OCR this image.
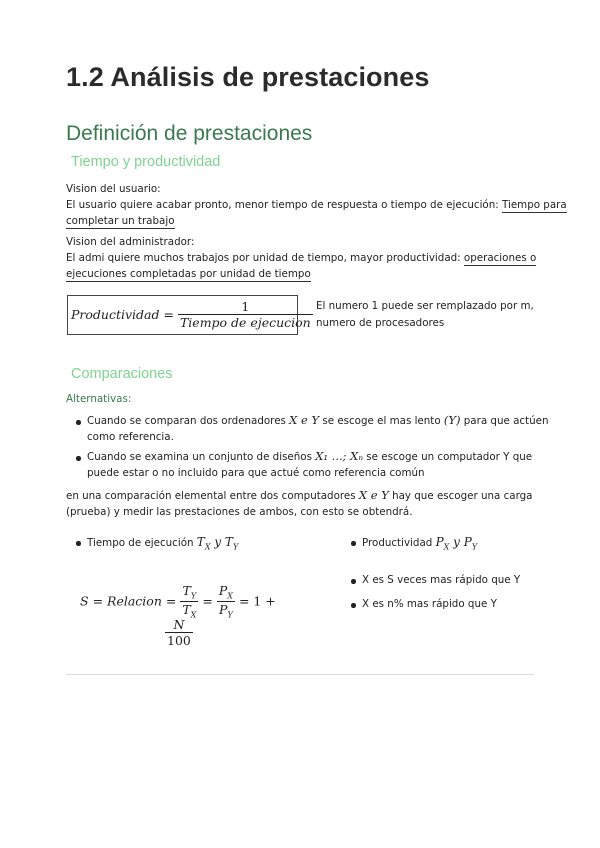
1.2 Análisis de prestaciones
Definición de prestaciones
Tiempo y productividad
Vision del usuario:
El usuario quiere acabar pronto, menor tiempo de respuesta o tiempo de ejecución: Tiempo para
completar un trabajo
Vision del administrador:
El admi quiere muchos trabajos por unidad de tiempo, mayor productividad: operaciones o
ejecuciones completadas por unidad de tiempo
Productividad = $\frac{1}{\text{Tiempo de ejecucion}}$ El numero 1 puede ser remplazado por m,
numero de procesadores
Comparaciones
Alternativas:
Cuando se comparan dos ordenadores X e Y se escoge el mas lento (Y) para que actúen
como referencia.
Cuando se examina un conjunto de diseños X₁ ...; Xₙ se escoge un computador Y que
puede estar o no incluido para que actué como referencia común
en una comparación elemental entre dos computadores X e Y hay que escoger una carga
(prueba) y medir las prestaciones de ambos, con esto se obtendrá.
Tiempo de ejecución $T_X$ y $T_Y$	Productividad $P_X$ y $P_Y$
S = Relacion = $\frac{T_Y}{T_X} = \frac{P_X}{P_Y} = 1$ +
$\frac{N}{100}$
X es S veces mas rápido que Y
X es n% mas rápido que Y
